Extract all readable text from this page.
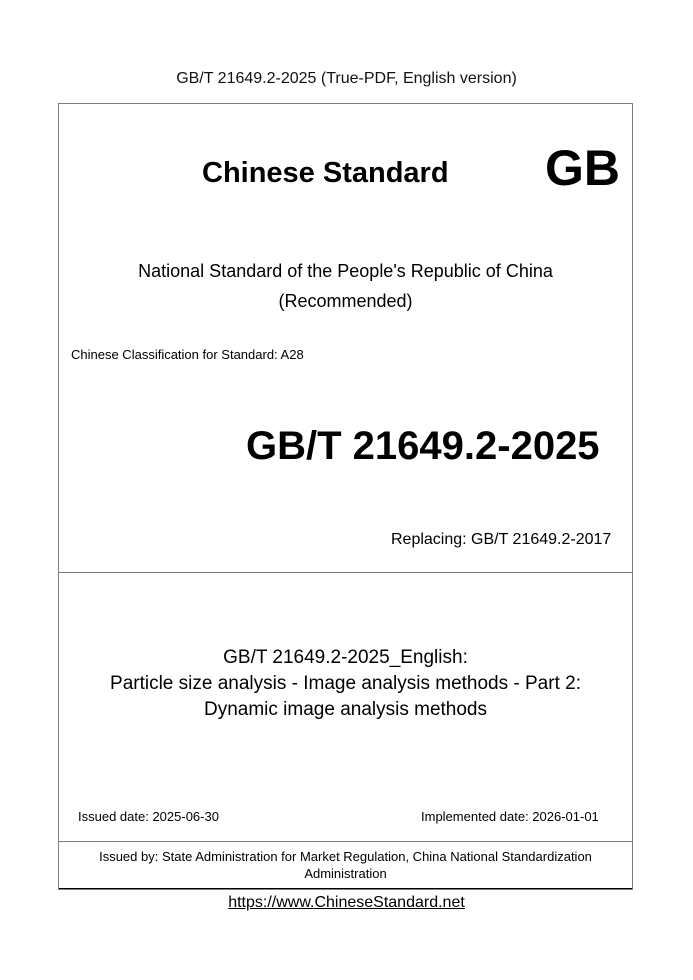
GB/T 21649.2-2025 (True-PDF, English version)
Chinese Standard GB
National Standard of the People's Republic of China
(Recommended)
Chinese Classification for Standard: A28
GB/T 21649.2-2025
Replacing: GB/T 21649.2-2017
GB/T 21649.2-2025_English:
Particle size analysis - Image analysis methods - Part 2:
Dynamic image analysis methods
Issued date: 2025-06-30	Implemented date: 2026-01-01
Issued by: State Administration for Market Regulation, China National Standardization
Administration
https://www.ChineseStandard.net
